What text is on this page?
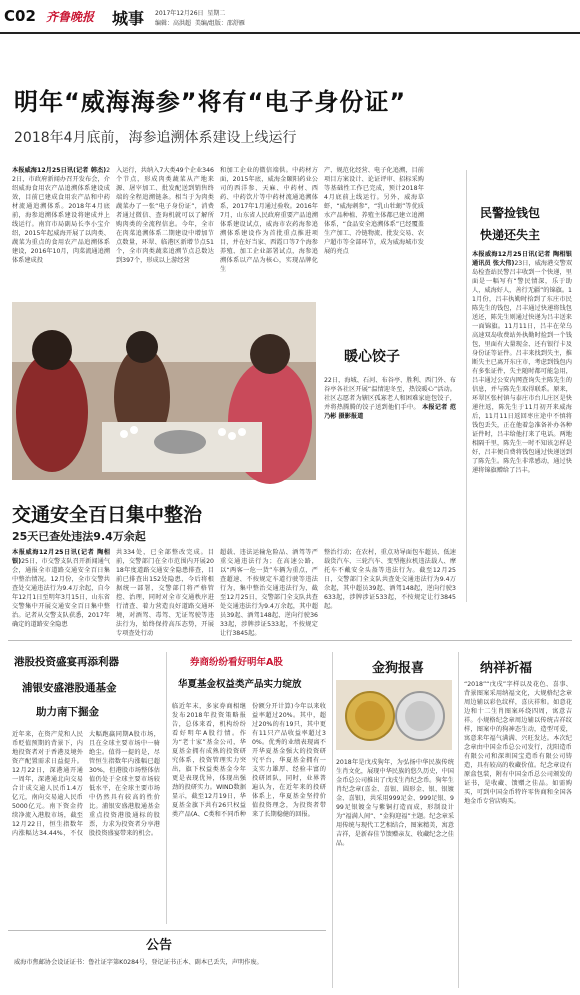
C02 齐鲁晚报 城事 2017年12月26日 星期二
编辑：高洪超 美编/组版：邵舒雁
明年“威海海参”将有“电子身份证”
2018年4月底前，海参追溯体系建设上线运行
本报威海12月25日讯(记者 韩杰)22日，市政府新闻办召开发布会，介绍威海食用农产品追溯体系建设成效，目前已建成食用农产品和中药材流通追溯体系。2018年4月底前，海参追溯体系建设将建成并上线运行。南宫市局副局长李小宝介绍，2015年起威海开展了以肉类、蔬菜为重点的食用农产品追溯体系建设，2016年10月，肉菜流通追溯体系建成投
入运行，共纳入7大类49个企业346个节点，形成肉类蔬菜从产地来源、屠宰加工、批发配送到销售终端的全程追溯链条。相当于为肉类蔬菜办了一张“电子身份证”，消费者通过微信、查询机就可以了解所购肉类的全流程信息。今年，全市在肉菜追溯体系二期建设中增加节点数量，环翠、临港区新增节点51个，全市肉类蔬菜追溯节点总数达到397个，形成以上游经营
和加工企业的微信端供。中药材方面，2015年底，威海金颐阳药业公司的西洋参、天麻、中药材、西药、中药饮片等中药材流通追溯体系，2017年1月通过验收。2016年7月，山东省人民政府重要产品追溯体系建设试点，威海市农药海参追溯体系建设作为首批重点推进项目，并在好当家、西霞口等7个海参养殖、加工企业部署试点，海参追溯体系以产品为核心，实现品牌化生
产、规范化经营、电子化追溯，目前项目方案设计、论证评审、招标采购等基础性工作已完成，预计2018年4月底前上线运行。另外，威海草虾，“威海刺参”，“乳山牡蛎”等优质水产品种植、养殖主体都已建立追溯体系，“食品安全追溯体系”已经覆盖生产加工、冷链物流、批发交易、农户超市等全部环节，成为威海城市发展的亮点
民警捡钱包
快递还失主
本报威海12月25日讯(记者 陶相银 通讯员 张大伟)23日，威海港交警双岛检查站民警吕丰收到一个快递，里面是一幅写有“警民情深，乐于助人，威海好人，善行无疆”的锦旗。11月份，吕丰执勤时拾到了东庄市民陈先生的钱包，吕丰通过快递将钱包送还，陈先生则通过快递为吕丰送来一面锦旗。11月11日，吕丰在荣乌高速双岛收费站外执勤时捡到一个钱包，里面有大量现金、还有银行卡及身份证等证件。吕丰来找到失主，推断失主已离开东庄市，考虑到钱包内有多张证件，失主随时都可能急用，吕丰通过公安内网查询失主陈先生的信息，并与陈先生取得联系。原来，环翠区张村镇与泰庄市台儿庄区是快递往返，陈先生于11月初开来威海后，11月11日返回枣庄途中不慎将钱包丢失，正在他着急准备补办各种证件时，吕丰给他打来了电话。两地相隔千里，陈先生一时不知该怎样是好，吕丰便自费将钱包通过快递送到了陈先生。陈先生非常感动，通过快递将锦旗赠给了吕丰。
暖心饺子
22日，海城、石河、布谷亭、胜利、西门外、布谷亭各社区开展“温情迎冬至，热饺暖心”活动。社区志愿者为辖区孤寡老人和困难家庭包饺子，并将热腾腾的饺子送到他们手中。 本报记者 范乃彬 摄影报道
交通安全百日集中整治
25天已查处违法9.4万余起
本报威海12月25日讯(记者 陶相银)25日，市交警支队召开新闻通气会，通报全市道路交通安全百日集中整治情况。12月份，全市交警共查处交通违法行为9.4万余起，自今年12月1日至明年3月15日，山东省交警集中开展交通安全百日集中整治。记者从交警支队获悉，2017年确定的道路安全隐患
共334处，已全部整改完成。目前，交警部门在全市范围内开展2018年度道路交通安全隐患排查，目前已排查出152处隐患，今后将根据统一部署，交警部门将严格管控、治理，同时对全市交通秩序进行清查、着力营造良好道路交通环境，对酒驾、毒驾、无证驾驶等违法行为，始终保持高压态势，开展专项查处行动
超载、违法运输危险品、酒驾等严重交通违法行为；在高速公路，以“两客一危一货”车辆为重点，严查超速、不按规定车道行驶等违法行为，集中整治交通违法行为，截至12月25日，交警部门全支队共查处交通违法行为9.4万余起，其中超员39起、酒驾148起、逆向行驶3633起，涉牌涉证533起，不按规定让行3845起。
整治行动；在农村，重点劝导面包车超员、低速载货汽车、三轮汽车、变型拖拉机违法载人、摩托车不戴安全头盔等违法行为。截至12月25日，交警部门全支队共查处交通违法行为9.4万余起，其中超员39起、酒驾148起，逆向行驶3633起，涉牌涉证533起，不按规定让行3845起。
港股投资盛宴再添利器
浦银安盛港股通基金
助力南下掘金
近年来，在资产荒和人民币贬值预期的背景下，内地投资者对于香港及境外资产配置需求日益提升。12月22日，深港通开通一周年，深港通北向交易合计成交逾人民币1.4万亿元，南向交易逾人民币5000亿元。南下资金持续净流入港股市场，截至12月22日，恒生指数年内涨幅达34.44%，不仅大幅跑赢同期A股市场，且在全球主要市场中一骑绝尘。值得一提的是，尽管恒生指数年内涨幅已超30%，但港股市场整体估值仍处于全球主要市场较低水平，在全球主要市场中仍然具有较高的性价比。浦银安盛港股通基金重点投资港股通标的股票，力求为投资者分享港股投资盛宴带来的机会。
券商纷纷看好明年A股
华夏基金权益类产品实力绽放
临近年末，多家券商相继发布2018年投资策略报告，总体来看，机构纷纷看好明年A股行情。作为“老十家”基金公司，华夏基金拥有成熟的投资研究体系，投资管理实力突出，旗下权益类基金今年更是表现优异，体现出强劲的投研实力。WIND数据显示，截至12月19日，华夏基金旗下共有26只权益类产品(A、C类和不同币种份额分开计算)今年以来收益率超过20%。其中，超过20%的有19只，其中更有11只产品收益率超过30%。优秀的业绩表现离不开华夏基金强大的投资研究平台，华夏基金拥有一支实力雄厚、经验丰富的投研团队，同时，业界普遍认为，在近年来的投研体系上，华夏基金坚持价值投资理念，为投资者带来了长期稳健的回报。
公告
威海市焦邮协会设证证书：鲁社证字第K0284号，登记证书正本、副本已丢失，声明作废。
金狗报喜
2018年是戊戌狗年，为弘扬中华民族传统生肖文化，展现中华民族的悠久历史，中国金币总公司推出了戊戌生肖纪念币。狗年生肖纪念章(喜金、喜银、圆形金、银、银镀金、喜银)，共采用999足金、999足银、999足银镀金与紫铜打造而成，形制设计为“福满人间”、“金狗迎福”主题。纪念章采用传统与现代工艺相结合，图案精美，寓意吉祥，是新春佳节馈赠亲友、收藏纪念之佳品。
纳祥祈福
“2018”“戊戌”字样以及花色、喜事、背景图案采用纳福文化，大规格纪念章周边辅以彩色纹样，喜庆祥和。如意花边和十二生肖图案环绕四周，寓意吉祥。小规格纪念章周边辅以传统吉祥纹样，图案中的狗神态生动，造型可爱，寓意来年福气满满、兴旺发达。本次纪念章由中国金币总公司发行，沈阳造币有限公司和深圳国宝造币有限公司铸造，具有较高的收藏价值。纪念章设有原盒包装，附有中国金币总公司颁发的证书，是收藏、馈赠之佳品。如需购买，可到中国金币特许零售商和全国各地金币专营店购买。
